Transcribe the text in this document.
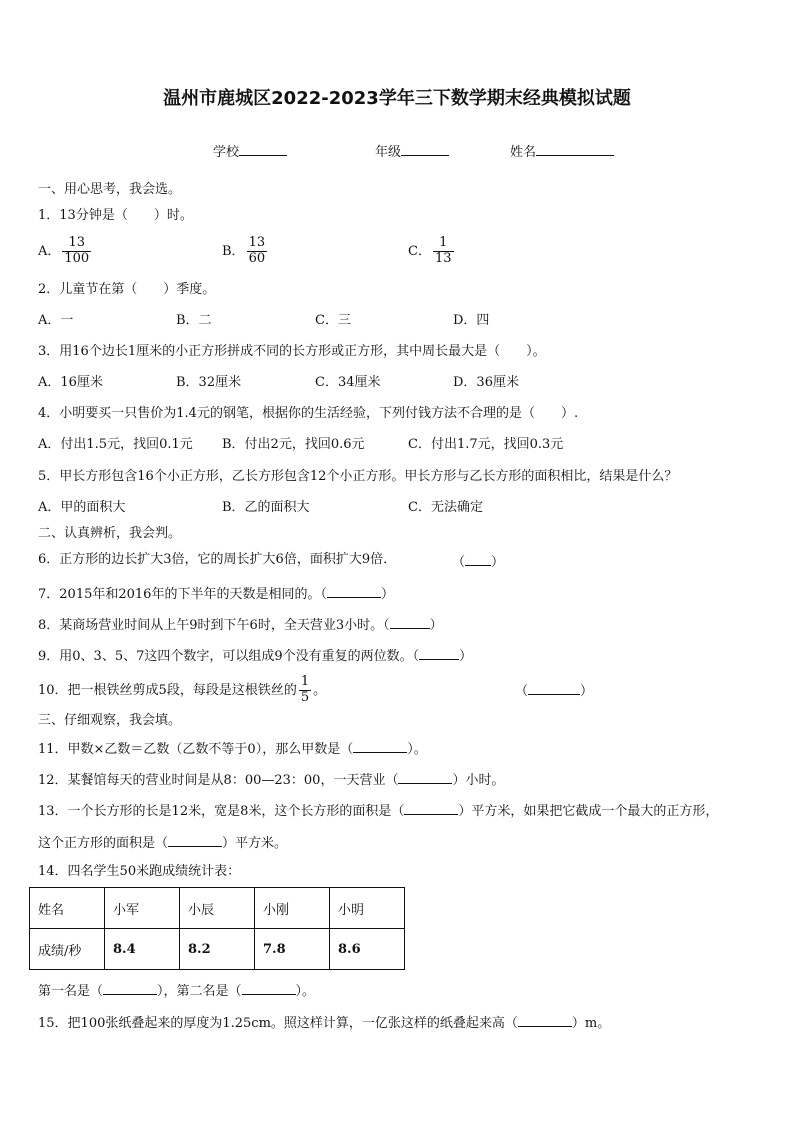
温州市鹿城区2022-2023学年三下数学期末经典模拟试题
学校	年级	姓名
一、用心思考，我会选。
1．13分钟是（　　）时。
A． $\frac{13}{100}$	B． $\frac{13}{60}$	C． $\frac{1}{13}$
2．儿童节在第（　　）季度。
A．一	B．二	C．三	D．四
3．用16个边长1厘米的小正方形拼成不同的长方形或正方形，其中周长最大是（　　）。
A．16厘米	B．32厘米	C．34厘米	D．36厘米
4．小明要买一只售价为1.4元的钢笔，根据你的生活经验，下列付钱方法不合理的是（　　）.
A．付出1.5元，找回0.1元 B．付出2元，找回0.6元	C．付出1.7元，找回0.3元
5．甲长方形包含16个小正方形，乙长方形包含12个小正方形。甲长方形与乙长方形的面积相比，结果是什么？
A．甲的面积大	B．乙的面积大	C．无法确定
二、认真辨析，我会判。
6．正方形的边长扩大3倍，它的周长扩大6倍，面积扩大9倍．	（ ）
7．2015年和2016年的下半年的天数是相同的。（	）
8．某商场营业时间从上午9时到下午6时，全天营业3小时。（	）
9．用0、3、5、7这四个数字，可以组成9个没有重复的两位数。（	）
10．把一根铁丝剪成5段，每段是这根铁丝的 $\frac{1}{5}$ 。	（	）
三、仔细观察，我会填。
11．甲数×乙数＝乙数（乙数不等于0），那么甲数是（	）。
12．某餐馆每天的营业时间是从8：00—23：00，一天营业（	）小时。
13．一个长方形的长是12米，宽是8米，这个长方形的面积是（	）平方米，如果把它截成一个最大的正方形，
这个正方形的面积是（	）平方米。
14．四名学生50米跑成绩统计表：
姓名	小军	小辰	小刚	小明
成绩/秒	8.4	8.2	7.8	8.6
第一名是（	），第二名是（	）。
15．把100张纸叠起来的厚度为1.25cm。照这样计算，一亿张这样的纸叠起来高（	）m。
